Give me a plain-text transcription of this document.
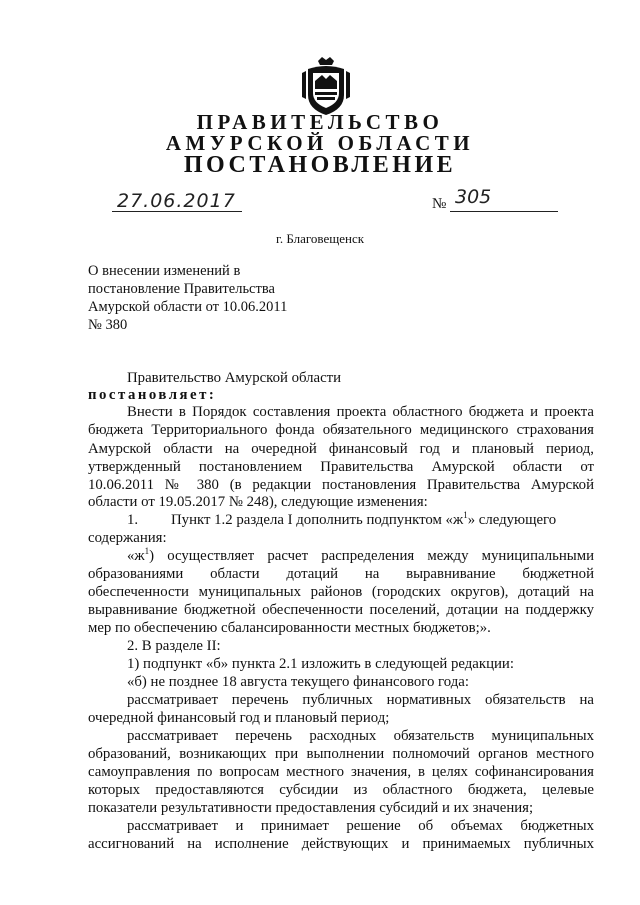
ПРАВИТЕЛЬСТВО
АМУРСКОЙ ОБЛАСТИ
ПОСТАНОВЛЕНИЕ
27.06.2017	№ 305
г. Благовещенск
О внесении изменений в
постановление Правительства
Амурской области от 10.06.2011
№ 380
Правительство Амурской области
постановляет:
Внести в Порядок составления проекта областного бюджета и проекта
бюджета Территориального фонда обязательного медицинского страхования
Амурской области на очередной финансовый год и плановый период,
утвержденный постановлением Правительства Амурской области от
10.06.2011 № 380 (в редакции постановления Правительства Амурской
области от 19.05.2017 № 248), следующие изменения:
1. Пункт 1.2 раздела I дополнить подпунктом «$ж^1$» следующего
содержания:
«$ж^1$) осуществляет расчет распределения между муниципальными
образованиями области дотаций на выравнивание бюджетной
обеспеченности муниципальных районов (городских округов), дотаций на
выравнивание бюджетной обеспеченности поселений, дотации на поддержку
мер по обеспечению сбалансированности местных бюджетов;».
2. В разделе II:
1) подпункт «б» пункта 2.1 изложить в следующей редакции:
«б) не позднее 18 августа текущего финансового года:
рассматривает перечень публичных нормативных обязательств на
очередной финансовый год и плановый период;
рассматривает перечень расходных обязательств муниципальных
образований, возникающих при выполнении полномочий органов местного
самоуправления по вопросам местного значения, в целях софинансирования
которых предоставляются субсидии из областного бюджета, целевые
показатели результативности предоставления субсидий и их значения;
рассматривает и принимает решение об объемах бюджетных
ассигнований на исполнение действующих и принимаемых публичных
